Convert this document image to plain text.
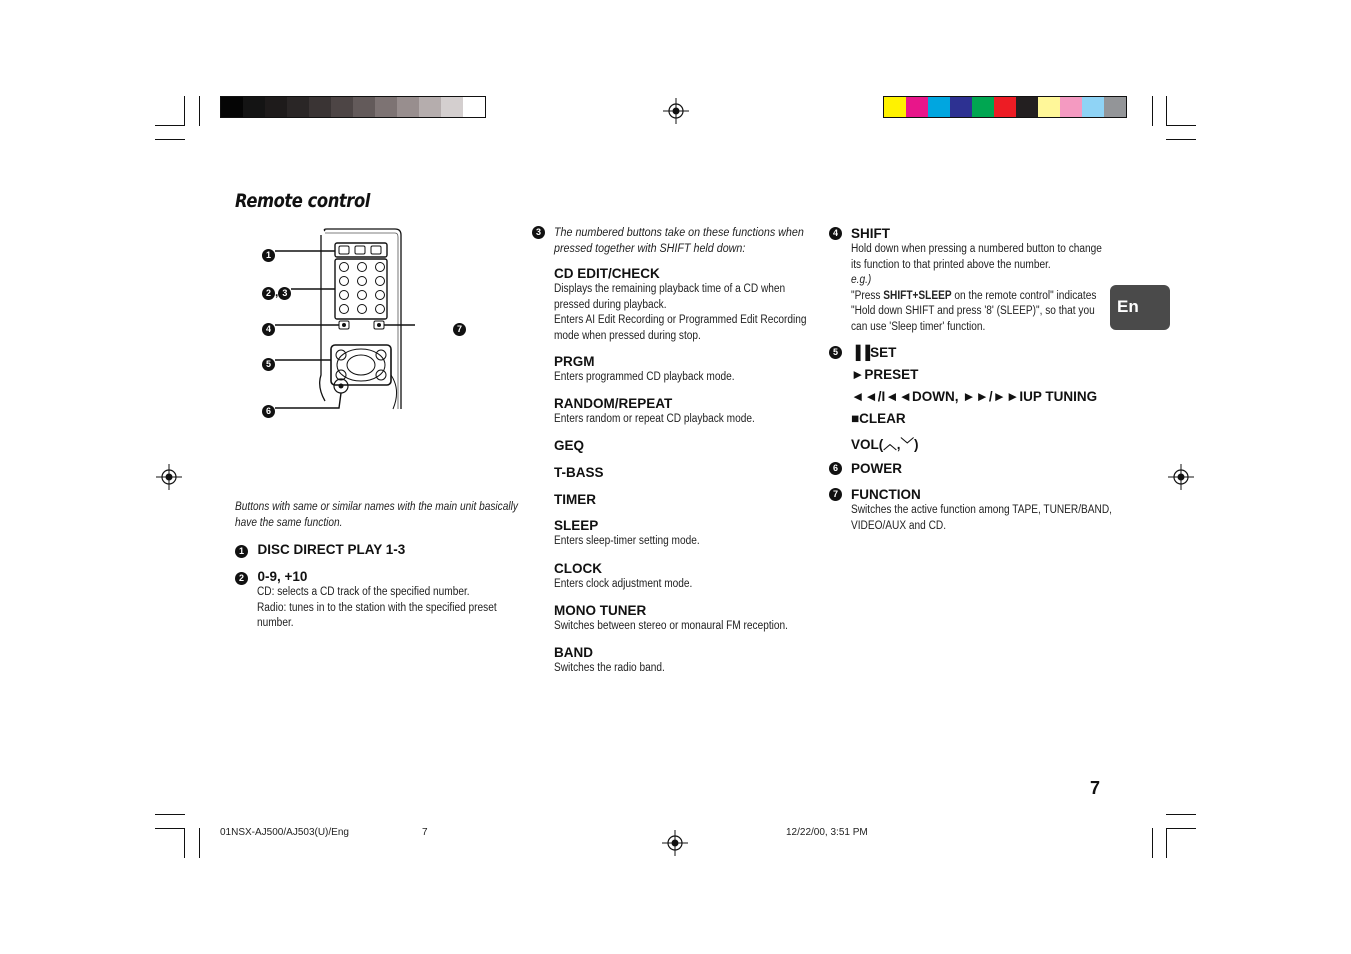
Remote control
1
2 , 3
4	7
5
6
Buttons with same or similar names with the main unit basically
have the same function.
1 DISC DIRECT PLAY 1-3
2 0-9, +10
CD: selects a CD track of the specified number.
Radio: tunes in to the station with the specified preset
number.
3	The numbered buttons take on these functions when
pressed together with SHIFT held down:
CD EDIT/CHECK
Displays the remaining playback time of a CD when
pressed during playback.
Enters AI Edit Recording or Programmed Edit Recording
mode when pressed during stop.
PRGM
Enters programmed CD playback mode.
RANDOM/REPEAT
Enters random or repeat CD playback mode.
GEQ
T-BASS
TIMER
SLEEP
Enters sleep-timer setting mode.
CLOCK
Enters clock adjustment mode.
MONO TUNER
Switches between stereo or monaural FM reception.
BAND
Switches the radio band.
4 SHIFT
Hold down when pressing a numbered button to change
its function to that printed above the number.
e.g.)
"Press SHIFT+SLEEP on the remote control" indicates
"Hold down SHIFT and press '8' (SLEEP)", so that you
can use 'Sleep timer' function.
5 ▐▐SET
►PRESET
◄◄/I◄◄DOWN, ►►/►►IUP TUNING
■CLEAR
VOL(︿,﹀)
6 POWER
7 FUNCTION
Switches the active function among TAPE, TUNER/BAND,
VIDEO/AUX and CD.
En
7
01NSX-AJ500/AJ503(U)/Eng	7	12/22/00, 3:51 PM
